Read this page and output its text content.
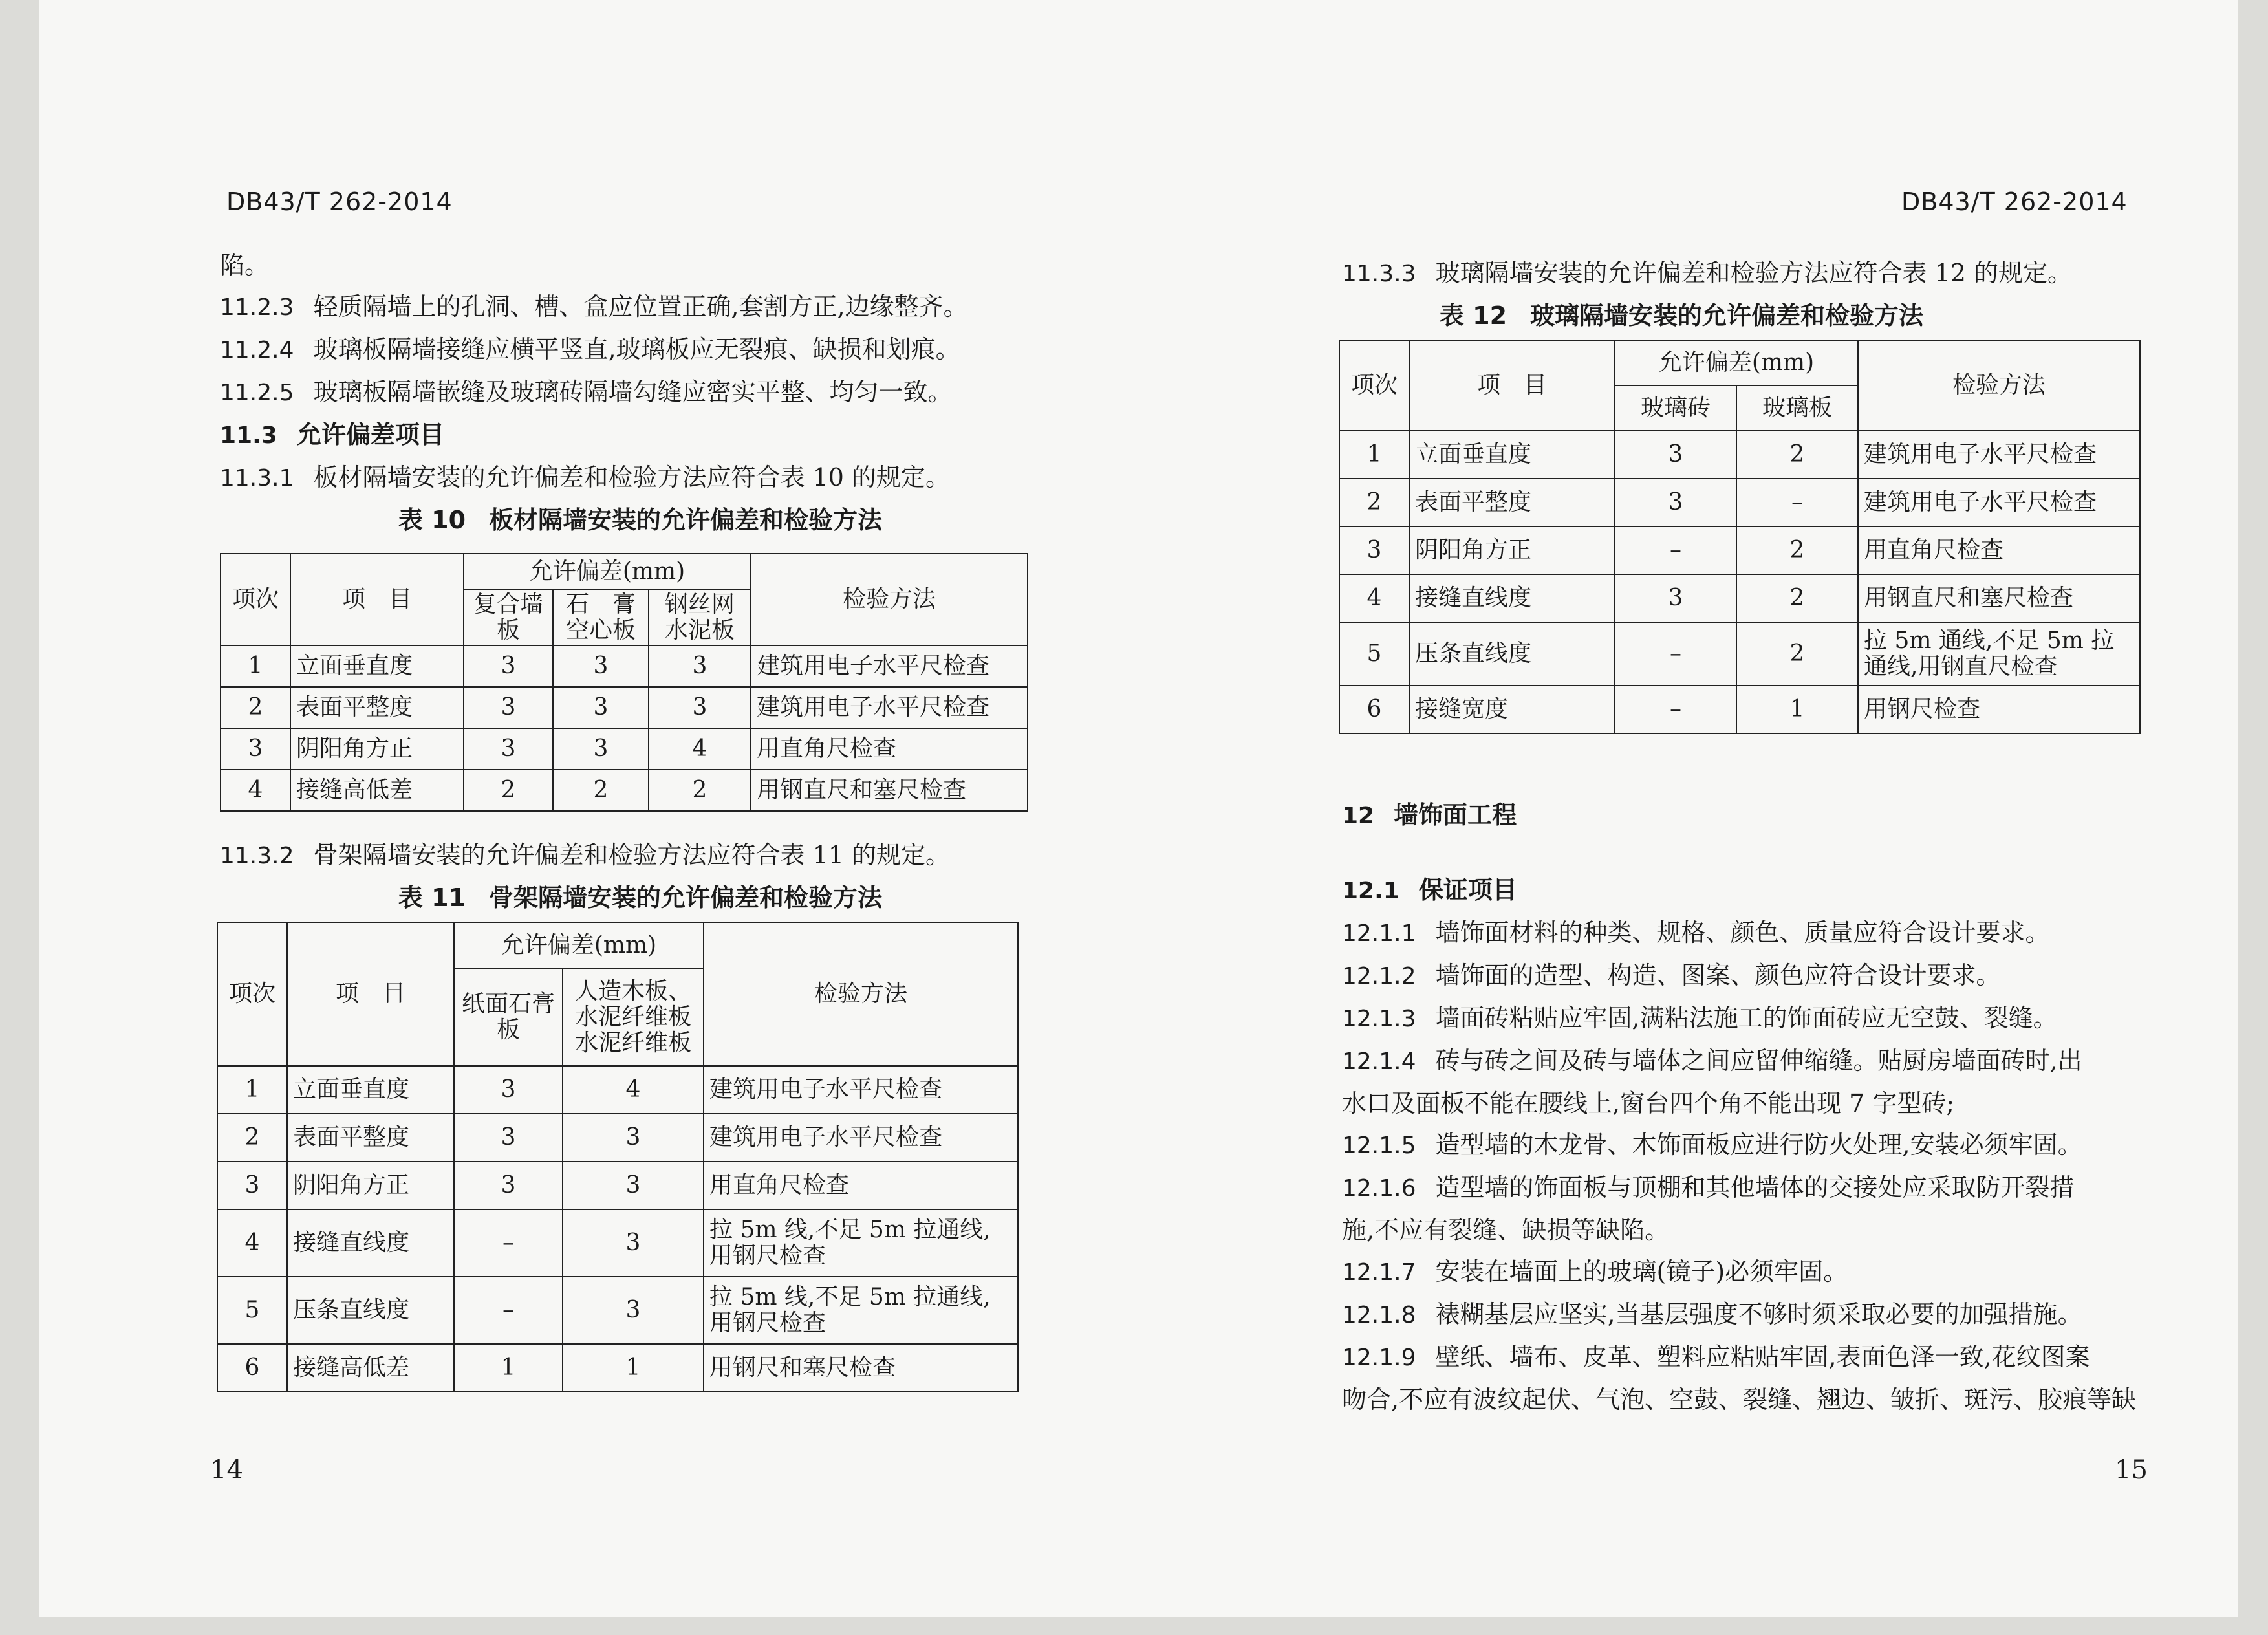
DB43/T 262-2014
陷。
11.2.3 轻质隔墙上的孔洞、槽、盒应位置正确,套割方正,边缘整齐。
11.2.4 玻璃板隔墙接缝应横平竖直,玻璃板应无裂痕、缺损和划痕。
11.2.5 玻璃板隔墙嵌缝及玻璃砖隔墙勾缝应密实平整、均匀一致。
11.3 允许偏差项目
11.3.1 板材隔墙安装的允许偏差和检验方法应符合表 10 的规定。
表 10 板材隔墙安装的允许偏差和检验方法
项次	项　目	允许偏差(mm)			检验方法
		复合墙板	石　膏空心板	钢丝网水泥板	
1	立面垂直度	3	3	3	建筑用电子水平尺检查
2	表面平整度	3	3	3	建筑用电子水平尺检查
3	阴阳角方正	3	3	4	用直角尺检查
4	接缝高低差	2	2	2	用钢直尺和塞尺检查
11.3.2 骨架隔墙安装的允许偏差和检验方法应符合表 11 的规定。
表 11 骨架隔墙安装的允许偏差和检验方法
项次	项　目	允许偏差(mm)		检验方法
		纸面石膏板	人造木板、水泥纤维板水泥纤维板	
1	立面垂直度	3	4	建筑用电子水平尺检查
2	表面平整度	3	3	建筑用电子水平尺检查
3	阴阳角方正	3	3	用直角尺检查
4	接缝直线度	–	3	拉 5m 线,不足 5m 拉通线,用钢尺检查
5	压条直线度	–	3	拉 5m 线,不足 5m 拉通线,用钢尺检查
6	接缝高低差	1	1	用钢尺和塞尺检查
14
DB43/T 262-2014
11.3.3 玻璃隔墙安装的允许偏差和检验方法应符合表 12 的规定。
表 12 玻璃隔墙安装的允许偏差和检验方法
项次	项　目	允许偏差(mm)		检验方法
		玻璃砖	玻璃板	
1	立面垂直度	3	2	建筑用电子水平尺检查
2	表面平整度	3	–	建筑用电子水平尺检查
3	阴阳角方正	–	2	用直角尺检查
4	接缝直线度	3	2	用钢直尺和塞尺检查
5	压条直线度	–	2	拉 5m 通线,不足 5m 拉通线,用钢直尺检查
6	接缝宽度	–	1	用钢尺检查
12 墙饰面工程
12.1 保证项目
12.1.1 墙饰面材料的种类、规格、颜色、质量应符合设计要求。
12.1.2 墙饰面的造型、构造、图案、颜色应符合设计要求。
12.1.3 墙面砖粘贴应牢固,满粘法施工的饰面砖应无空鼓、裂缝。
12.1.4 砖与砖之间及砖与墙体之间应留伸缩缝。贴厨房墙面砖时,出
水口及面板不能在腰线上,窗台四个角不能出现 7 字型砖;
12.1.5 造型墙的木龙骨、木饰面板应进行防火处理,安装必须牢固。
12.1.6 造型墙的饰面板与顶棚和其他墙体的交接处应采取防开裂措
施,不应有裂缝、缺损等缺陷。
12.1.7 安装在墙面上的玻璃(镜子)必须牢固。
12.1.8 裱糊基层应坚实,当基层强度不够时须采取必要的加强措施。
12.1.9 壁纸、墙布、皮革、塑料应粘贴牢固,表面色泽一致,花纹图案
吻合,不应有波纹起伏、气泡、空鼓、裂缝、翘边、皱折、斑污、胶痕等缺
15
